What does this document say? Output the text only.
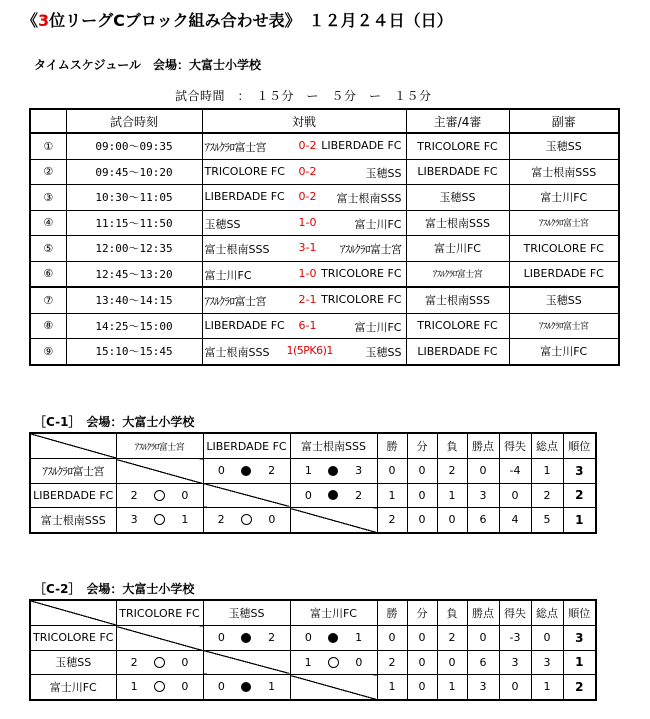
《3位リーグCブロック組み合わせ表》　 １２月２４日（日）
タイムスケジュール　会場：大富士小学校
試合時間　：　１５分　ー　５分　ー　１５分
	試合時刻	対戦	主審/4審	副審
①	09:00～09:35	ｱｽﾙｸﾗﾛ富士宮 0-2 LIBERDADE FC	TRICOLORE FC	玉穂SS
②	09:45～10:20	TRICOLORE FC 0-2 玉穂SS	LIBERDADE FC	富士根南SSS
③	10:30～11:05	LIBERDADE FC 0-2 富士根南SSS	玉穂SS	富士川FC
④	11:15～11:50	玉穂SS 1-0 富士川FC	富士根南SSS	ｱｽﾙｸﾗﾛ富士宮
⑤	12:00～12:35	富士根南SSS 3-1 ｱｽﾙｸﾗﾛ富士宮	富士川FC	TRICOLORE FC
⑥	12:45～13:20	富士川FC 1-0 TRICOLORE FC	ｱｽﾙｸﾗﾛ富士宮	LIBERDADE FC
⑦	13:40～14:15	ｱｽﾙｸﾗﾛ富士宮 2-1 TRICOLORE FC	富士根南SSS	玉穂SS
⑧	14:25～15:00	LIBERDADE FC 6-1 富士川FC	TRICOLORE FC	ｱｽﾙｸﾗﾛ富士宮
⑨	15:10～15:45	富士根南SSS 1(5PK6)1 玉穂SS	LIBERDADE FC	富士川FC
［C-1］　会場：大富士小学校
	ｱｽﾙｸﾗﾛ富士宮	LIBERDADE FC	富士根南SSS	勝	分	負	勝点	得失	総点	順位
ｱｽﾙｸﾗﾛ富士宮		0 2	1 3	0	0	2	0	-4	1	3
LIBERDADE FC	2 0		0 2	1	0	1	3	0	2	2
富士根南SSS	3 1	2 0		2	0	0	6	4	5	1
［C-2］　会場：大富士小学校
	TRICOLORE FC	玉穂SS	富士川FC	勝	分	負	勝点	得失	総点	順位
TRICOLORE FC		0 2	0 1	0	0	2	0	-3	0	3
玉穂SS	2 0		1 0	2	0	0	6	3	3	1
富士川FC	1 0	0 1		1	0	1	3	0	1	2
